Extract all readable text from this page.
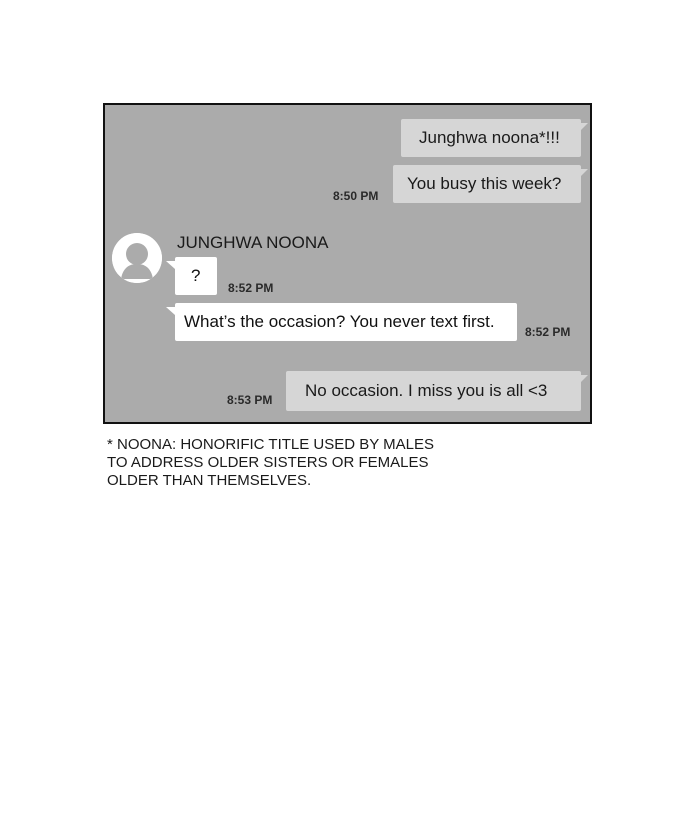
Junghwa noona*!!!
You busy this week?
8:50 PM
JUNGHWA NOONA
?
8:52 PM
What’s the occasion? You never text first.
8:52 PM
No occasion. I miss you is all <3
8:53 PM
* NOONA: HONORIFIC TITLE USED BY MALES
TO ADDRESS OLDER SISTERS OR FEMALES
OLDER THAN THEMSELVES.
